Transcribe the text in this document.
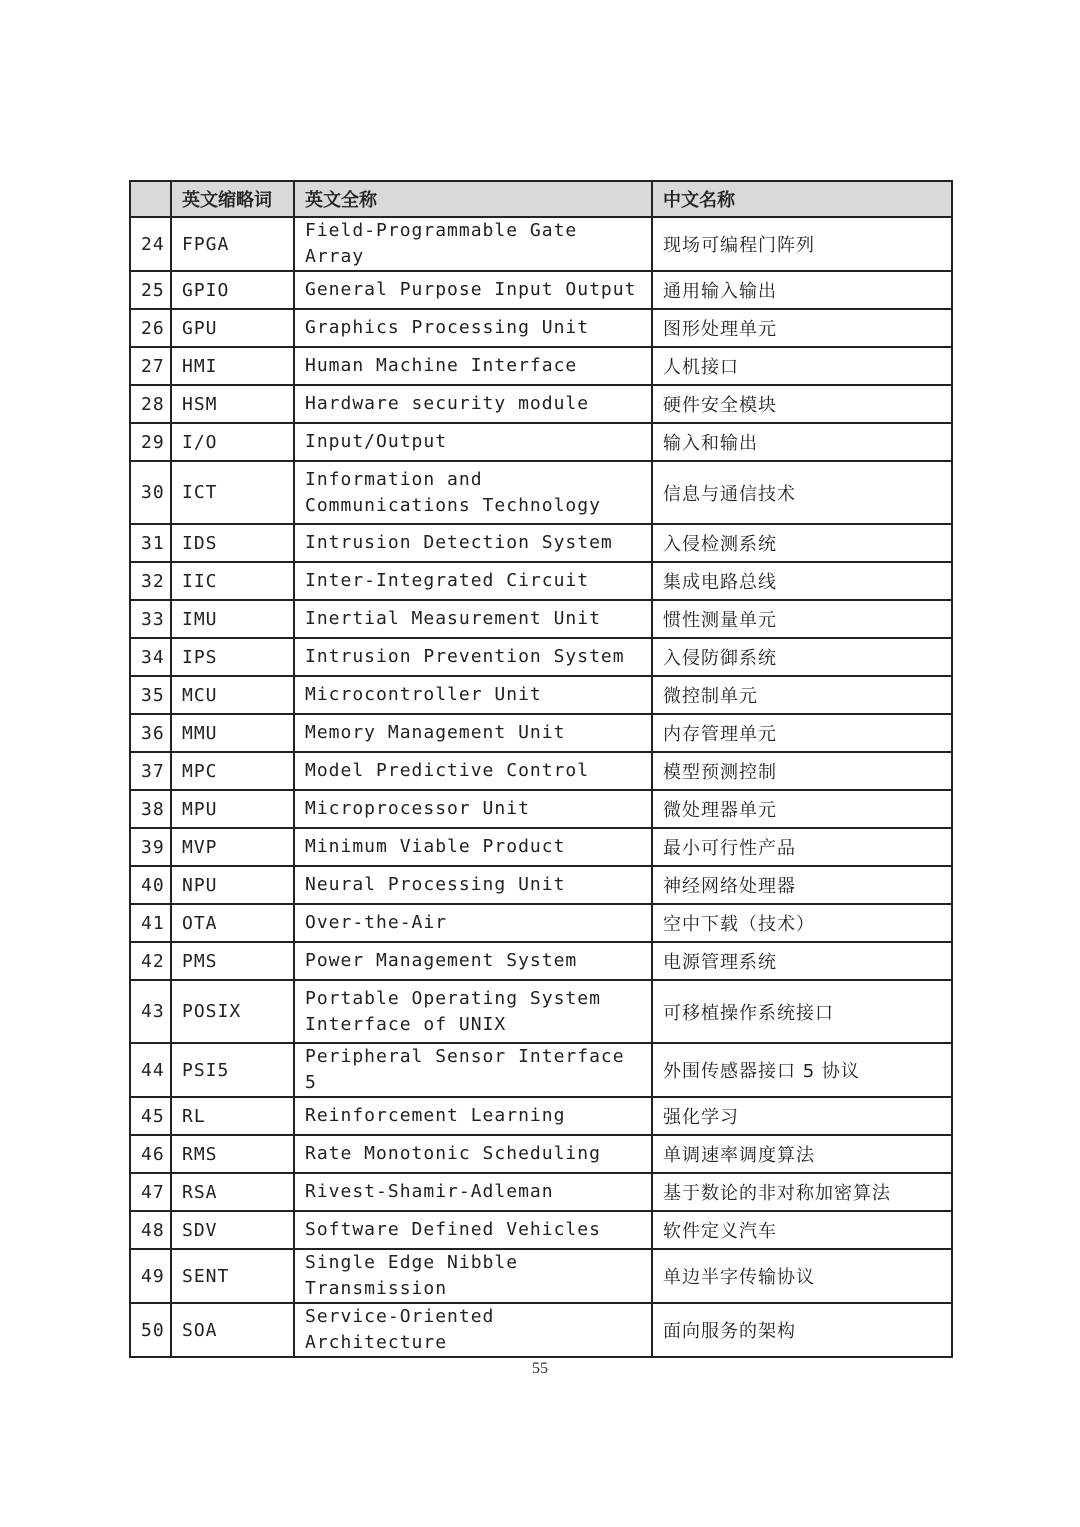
	英文缩略词	英文全称	中文名称
24	FPGA	Field-Programmable Gate Array	现场可编程门阵列
25	GPIO	General Purpose Input Output	通用输入输出
26	GPU	Graphics Processing Unit	图形处理单元
27	HMI	Human Machine Interface	人机接口
28	HSM	Hardware security module	硬件安全模块
29	I/O	Input/Output	输入和输出
30	ICT	Information and Communications Technology	信息与通信技术
31	IDS	Intrusion Detection System	入侵检测系统
32	IIC	Inter-Integrated Circuit	集成电路总线
33	IMU	Inertial Measurement Unit	惯性测量单元
34	IPS	Intrusion Prevention System	入侵防御系统
35	MCU	Microcontroller Unit	微控制单元
36	MMU	Memory Management Unit	内存管理单元
37	MPC	Model Predictive Control	模型预测控制
38	MPU	Microprocessor Unit	微处理器单元
39	MVP	Minimum Viable Product	最小可行性产品
40	NPU	Neural Processing Unit	神经网络处理器
41	OTA	Over-the-Air	空中下载（技术）
42	PMS	Power Management System	电源管理系统
43	POSIX	Portable Operating System Interface of UNIX	可移植操作系统接口
44	PSI5	Peripheral Sensor Interface 5	外围传感器接口 5 协议
45	RL	Reinforcement Learning	强化学习
46	RMS	Rate Monotonic Scheduling	单调速率调度算法
47	RSA	Rivest-Shamir-Adleman	基于数论的非对称加密算法
48	SDV	Software Defined Vehicles	软件定义汽车
49	SENT	Single Edge Nibble Transmission	单边半字传输协议
50	SOA	Service-Oriented Architecture	面向服务的架构
55
